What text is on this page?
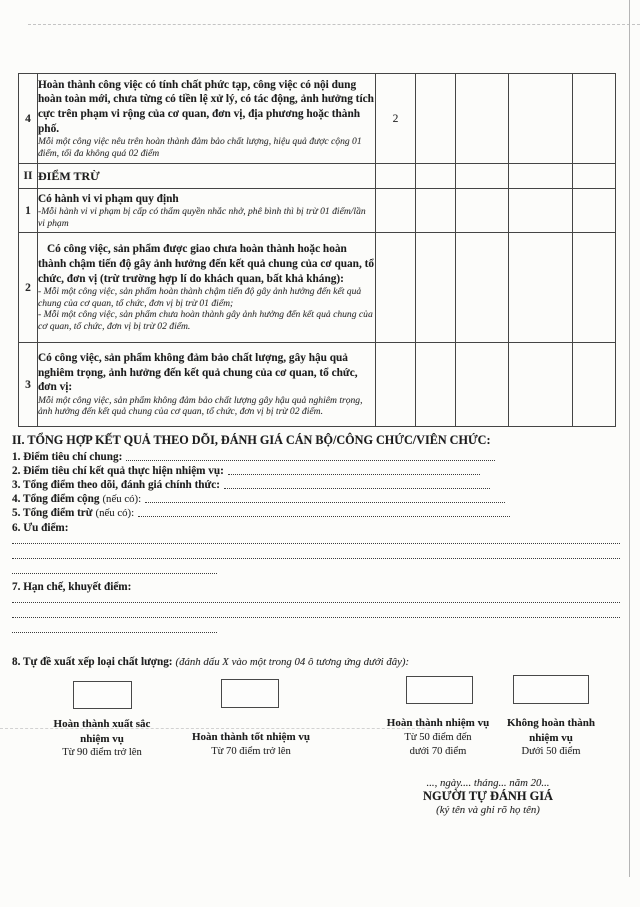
4	Hoàn thành công việc có tính chất phức tạp, công việc có nội dung hoàn toàn mới, chưa từng có tiền lệ xử lý, có tác động, ảnh hưởng tích cực trên phạm vi rộng của cơ quan, đơn vị, địa phương hoặc thành phố.
Mỗi một công việc nêu trên hoàn thành đảm bảo chất lượng, hiệu quả được cộng 01 điểm, tối đa không quá 02 điểm	2				
II	ĐIỂM TRỪ					
1	Có hành vi vi phạm quy định
-Mỗi hành vi vi phạm bị cấp có thẩm quyền nhắc nhở, phê bình thì bị trừ 01 điểm/lần vi phạm					

2	Có công việc, sản phẩm được giao chưa hoàn thành hoặc hoàn thành chậm tiến độ gây ảnh hưởng đến kết quả chung của cơ quan, tổ chức, đơn vị (trừ trường hợp lí do khách quan, bất khả kháng):
- Mỗi một công việc, sản phẩm hoàn thành chậm tiến độ gây ảnh hưởng đến kết quả chung của cơ quan, tổ chức, đơn vị bị trừ 01 điểm;
- Mỗi một công việc, sản phẩm chưa hoàn thành gây ảnh hưởng đến kết quả chung của cơ quan, tổ chức, đơn vị bị trừ 02 điểm.					

3	Có công việc, sản phẩm không đảm bảo chất lượng, gây hậu quả nghiêm trọng, ảnh hưởng đến kết quả chung của cơ quan, tổ chức, đơn vị:
Mỗi một công việc, sản phẩm không đảm bảo chất lượng gây hậu quả nghiêm trọng, ảnh hưởng đến kết quả chung của cơ quan, tổ chức, đơn vị bị trừ 02 điểm.					

II. TỔNG HỢP KẾT QUẢ THEO DÕI, ĐÁNH GIÁ CÁN BỘ/CÔNG CHỨC/VIÊN CHỨC:
1. Điểm tiêu chí chung:
2. Điểm tiêu chí kết quả thực hiện nhiệm vụ:
3. Tổng điểm theo dõi, đánh giá chính thức:
4. Tổng điểm cộng (nếu có):
5. Tổng điểm trừ (nếu có):
6. Ưu điểm:
7. Hạn chế, khuyết điểm:
8. Tự đề xuất xếp loại chất lượng: (đánh dấu X vào một trong 04 ô tương ứng dưới đây):
Hoàn thành xuất sắc
nhiệm vụ
Từ 90 điểm trở lên
Hoàn thành tốt nhiệm vụ
Từ 70 điểm trở lên
Hoàn thành nhiệm vụ
Từ 50 điểm đến
dưới 70 điểm
Không hoàn thành
nhiệm vụ
Dưới 50 điểm
..., ngày.... tháng... năm 20...
NGƯỜI TỰ ĐÁNH GIÁ
(ký tên và ghi rõ họ tên)
